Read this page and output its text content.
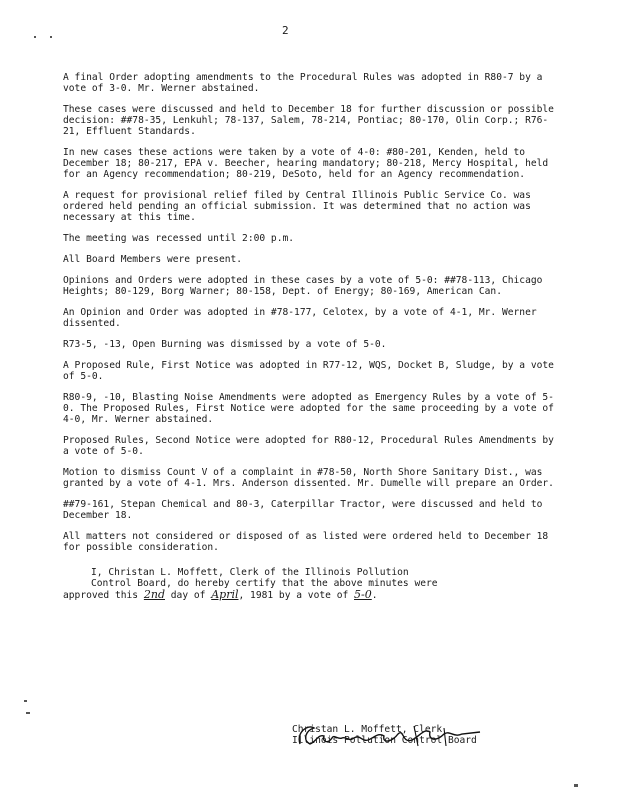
2

A final Order adopting amendments to the Procedural Rules was adopted in R80-7 by a vote of 3-0. Mr. Werner abstained.

These cases were discussed and held to December 18 for further discussion or possible decision: ##78-35, Lenkuhl; 78-137, Salem, 78-214, Pontiac; 80-170, Olin Corp.; R76-21, Effluent Standards.

In new cases these actions were taken by a vote of 4-0: #80-201, Kenden, held to December 18; 80-217, EPA v. Beecher, hearing mandatory; 80-218, Mercy Hospital, held for an Agency recommendation; 80-219, DeSoto, held for an Agency recommendation.

A request for provisional relief filed by Central Illinois Public Service Co. was ordered held pending an official submission. It was determined that no action was necessary at this time.

The meeting was recessed until 2:00 p.m.

All Board Members were present.

Opinions and Orders were adopted in these cases by a vote of 5-0: ##78-113, Chicago Heights; 80-129, Borg Warner; 80-158, Dept. of Energy; 80-169, American Can.

An Opinion and Order was adopted in #78-177, Celotex, by a vote of 4-1, Mr. Werner dissented.

R73-5, -13, Open Burning was dismissed by a vote of 5-0.

A Proposed Rule, First Notice was adopted in R77-12, WQS, Docket B, Sludge, by a vote of 5-0.

R80-9, -10, Blasting Noise Amendments were adopted as Emergency Rules by a vote of 5-0. The Proposed Rules, First Notice were adopted for the same proceeding by a vote of 4-0, Mr. Werner abstained.

Proposed Rules, Second Notice were adopted for R80-12, Procedural Rules Amendments by a vote of 5-0.

Motion to dismiss Count V of a complaint in #78-50, North Shore Sanitary Dist., was granted by a vote of 4-1. Mrs. Anderson dissented. Mr. Dumelle will prepare an Order.

##79-161, Stepan Chemical and 80-3, Caterpillar Tractor, were discussed and held to December 18.

All matters not considered or disposed of as listed were ordered held to December 18 for possible consideration.

I, Christan L. Moffett, Clerk of the Illinois Pollution
Control Board, do hereby certify that the above minutes were
approved this 2nd day of April, 1981 by a vote of 5-0.
Christan L. Moffett, Clerk
Illinois Pollution Control Board
